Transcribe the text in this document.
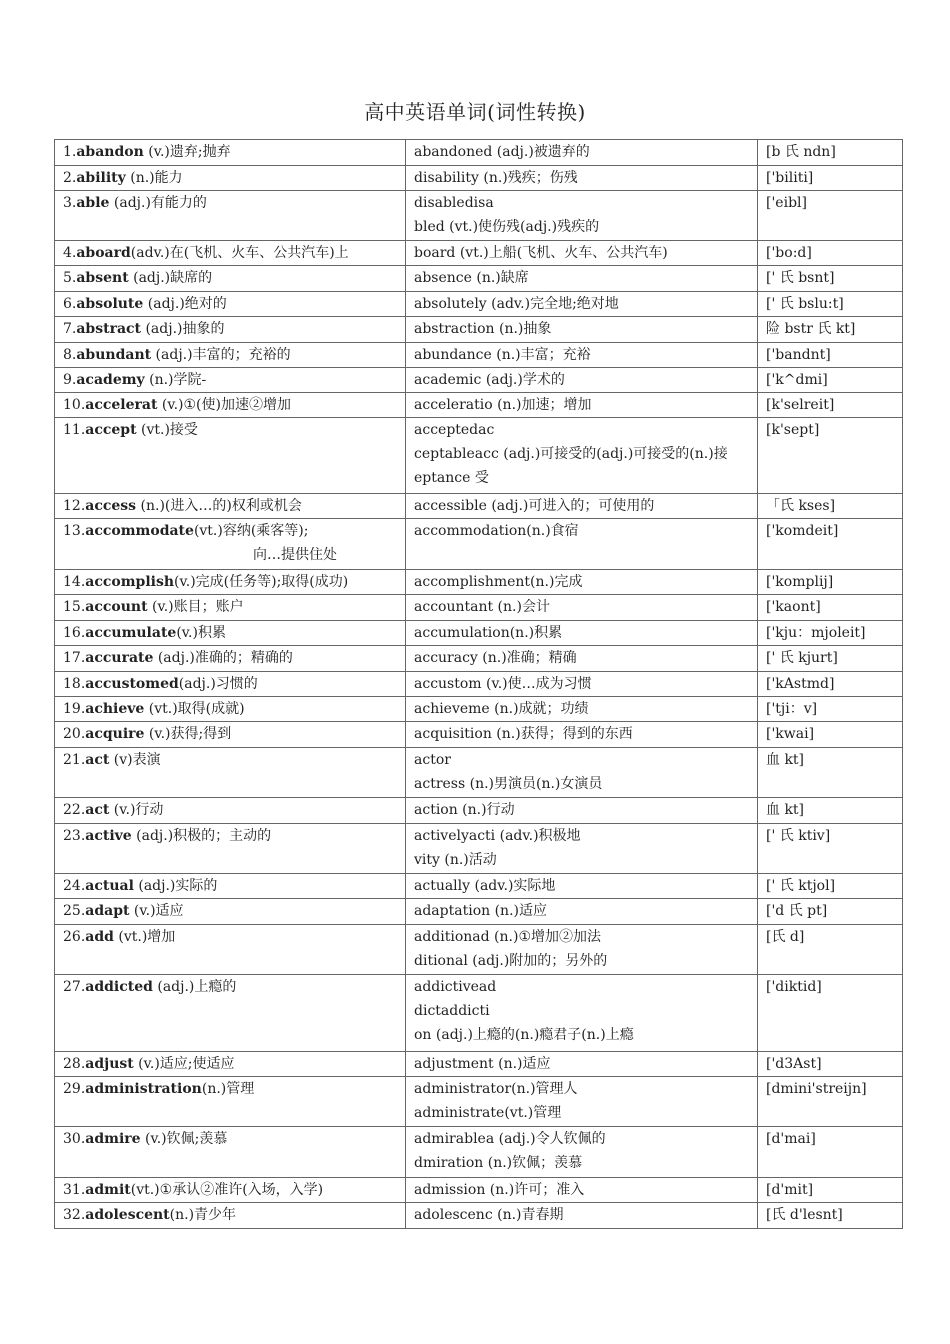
高中英语单词(词性转换)
1.abandon (v.)遗弃;抛弃	abandoned (adj.)被遗弃的	[b 氏 ndn]

2.ability (n.)能力	disability (n.)残疾；伤残	['biliti]

3.able (adj.)有能力的	disabledisa
bled (vt.)使伤残(adj.)残疾的	['eibl]

4.aboard(adv.)在(飞机、火车、公共汽车)上	board (vt.)上船(飞机、火车、公共汽车)	['bo:d]

5.absent (adj.)缺席的	absence (n.)缺席	[' 氏 bsnt]

6.absolute (adj.)绝对的	absolutely (adv.)完全地;绝对地	[' 氏 bslu:t]

7.abstract (adj.)抽象的	abstraction (n.)抽象	险 bstr 氏 kt]

8.abundant (adj.)丰富的；充裕的	abundance (n.)丰富；充裕	['bandnt]

9.academy (n.)学院-	academic (adj.)学术的	['k^dmi]

10.accelerat (v.)①(使)加速②增加	acceleratio (n.)加速；增加	[k'selreit]

11.accept (vt.)接受	acceptedac
ceptableacc (adj.)可接受的(adj.)可接受的(n.)接
eptance 受	[k'sept]

12.access (n.)(进入…的)权利或机会	accessible (adj.)可进入的；可使用的	「氏 kses]

13.accommodate(vt.)容纳(乘客等);
向…提供住处	accommodation(n.)食宿	['komdeit]

14.accomplish(v.)完成(任务等);取得(成功)	accomplishment(n.)完成	['komplij]

15.account (v.)账目；账户	accountant (n.)会计	['kaont]

16.accumulate(v.)积累	accumulation(n.)积累	['kju：mjoleit]

17.accurate (adj.)准确的；精确的	accuracy (n.)准确；精确	[' 氏 kjurt]

18.accustomed(adj.)习惯的	accustom (v.)使…成为习惯	['kAstmd]

19.achieve (vt.)取得(成就)	achieveme (n.)成就；功绩	['tji：v]

20.acquire (v.)获得;得到	acquisition (n.)获得；得到的东西	['kwai]

21.act (v)表演	actor
actress (n.)男演员(n.)女演员	血 kt]

22.act (v.)行动	action (n.)行动	血 kt]

23.active (adj.)积极的；主动的	activelyacti (adv.)积极地
vity (n.)活动	[' 氏 ktiv]

24.actual (adj.)实际的	actually (adv.)实际地	[' 氏 ktjol]

25.adapt (v.)适应	adaptation (n.)适应	['d 氏 pt]

26.add (vt.)增加	additionad (n.)①增加②加法
ditional (adj.)附加的；另外的	[氏 d]

27.addicted (adj.)上瘾的	addictivead
dictaddicti
on (adj.)上瘾的(n.)瘾君子(n.)上瘾	['diktid]

28.adjust (v.)适应;使适应	adjustment (n.)适应	['d3Ast]

29.administration(n.)管理	administrator(n.)管理人
administrate(vt.)管理	[dmini'streijn]

30.admire (v.)钦佩;羡慕	admirablea (adj.)令人钦佩的
dmiration (n.)钦佩；羡慕	[d'mai]

31.admit(vt.)①承认②准许(入场，入学)	admission (n.)许可；准入	[d'mit]

32.adolescent(n.)青少年	adolescenc (n.)青春期	[氏 d'lesnt]
